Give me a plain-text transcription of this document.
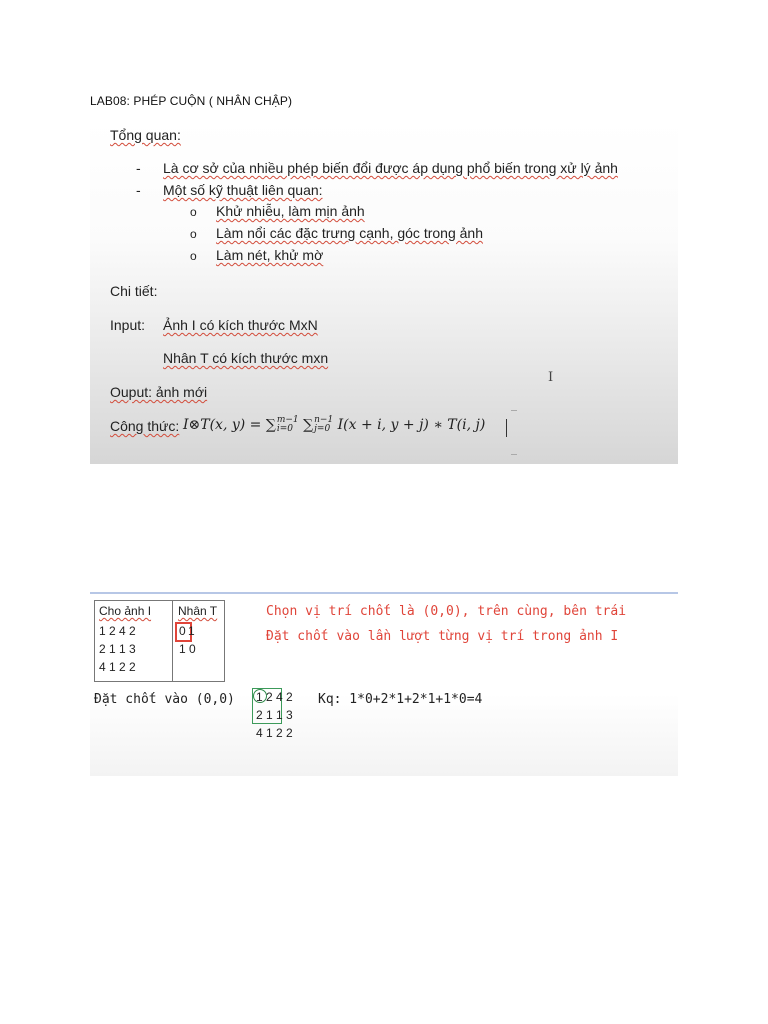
LAB08: PHÉP CUỘN ( NHÂN CHẬP)
Tổng quan:
- Là cơ sở của nhiều phép biến đổi được áp dụng phổ biến trong xử lý ảnh
- Một số kỹ thuật liên quan:
o Khử nhiễu, làm mịn ảnh
o Làm nổi các đặc trưng cạnh, góc trong ảnh
o Làm nét, khử mờ
Chi tiết:
Input: Ảnh I có kích thước MxN
Nhân T có kích thước mxn
Ouput: ảnh mới
Công thức: I⊗T(x, y) = ∑ m−1
i=0 ∑ n−1
j=0 I(x + i, y + j) ∗ T(i, j)
I
Cho ảnh I Nhân T
1 2 4 2
2 1 1 3
4 1 2 2
0 1
1 0
Chọn vị trí chốt là (0,0), trên cùng, bên trái
Đặt chốt vào lần lượt từng vị trí trong ảnh I
Đặt chốt vào (0,0) 1 2 4 2
2 1 1 3
4 1 2 2
Kq: 1*0+2*1+2*1+1*0=4
